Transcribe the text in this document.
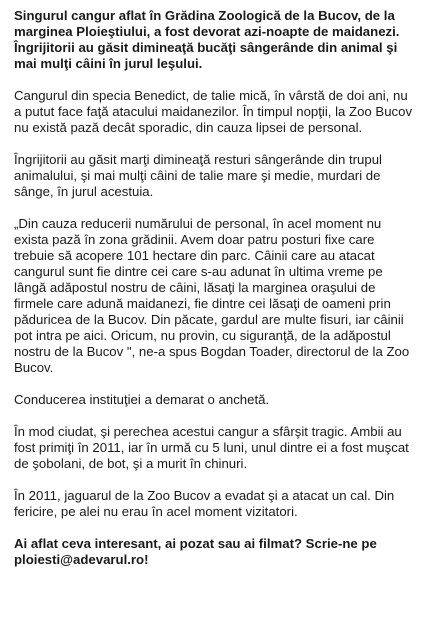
Singurul cangur aflat în Grădina Zoologică de la Bucov, de la marginea Ploieştiului, a fost devorat azi-noapte de maidanezi. Îngrijitorii au găsit dimineaţă bucăţi sângerânde din animal şi mai mulţi câini în jurul leşului.

Cangurul din specia Benedict, de talie mică, în vârstă de doi ani, nu a putut face faţă atacului maidanezilor. În timpul nopţii, la Zoo Bucov nu există pază decât sporadic, din cauza lipsei de personal.

Îngrijitorii au găsit marţi dimineaţă resturi sângerânde din trupul animalului, şi mai mulţi câini de talie mare şi medie, murdari de sânge, în jurul acestuia.

„Din cauza reducerii numărului de personal, în acel moment nu exista pază în zona grădinii. Avem doar patru posturi fixe care trebuie să acopere 101 hectare din parc. Câinii care au atacat cangurul sunt fie dintre cei care s-au adunat în ultima vreme pe lângă adăpostul nostru de câini, lăsaţi la marginea oraşului de firmele care adună maidanezi, fie dintre cei lăsaţi de oameni prin păduricea de la Bucov. Din păcate, gardul are multe fisuri, iar câinii pot intra pe aici. Oricum, nu provin, cu siguranţă, de la adăpostul nostru de la Bucov ", ne-a spus Bogdan Toader, directorul de la Zoo Bucov.

Conducerea instituţiei a demarat o anchetă.

În mod ciudat, şi perechea acestui cangur a sfârşit tragic. Ambii au fost primiţi în 2011, iar în urmă cu 5 luni, unul dintre ei a fost muşcat de şobolani, de bot, şi a murit în chinuri.

În 2011, jaguarul de la Zoo Bucov a evadat şi a atacat un cal. Din fericire, pe alei nu erau în acel moment vizitatori.

Ai aflat ceva interesant, ai pozat sau ai filmat? Scrie-ne pe ploiesti@adevarul.ro!
